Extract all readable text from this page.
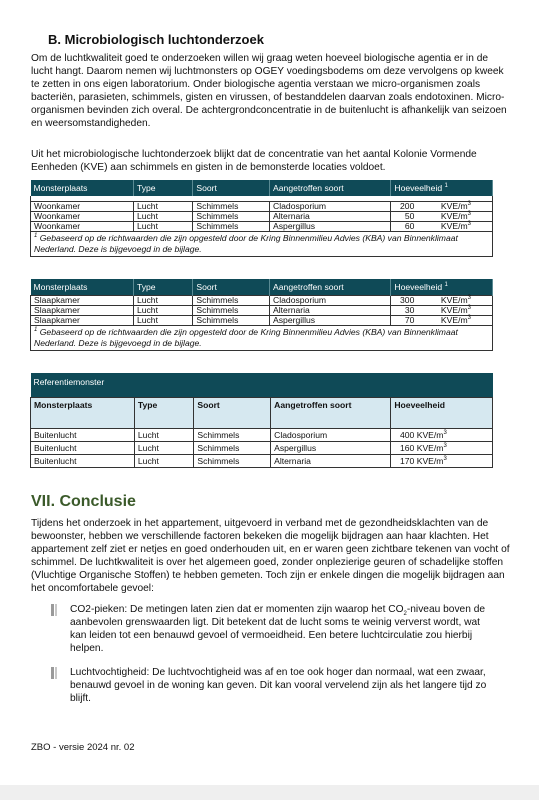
B. Microbiologisch luchtonderzoek
Om de luchtkwaliteit goed te onderzoeken willen wij graag weten hoeveel biologische agentia er in de lucht hangt. Daarom nemen wij luchtmonsters op OGEY voedingsbodems om deze vervolgens op kweek te zetten in ons eigen laboratorium. Onder biologische agentia verstaan we micro-organismen zoals bacteriën, parasieten, schimmels, gisten en virussen, of bestanddelen daarvan zoals endotoxinen. Micro-organismen bevinden zich overal. De achtergrondconcentratie in de buitenlucht is afhankelijk van seizoen en weersomstandigheden.
Uit het microbiologische luchtonderzoek blijkt dat de concentratie van het aantal Kolonie Vormende Eenheden (KVE) aan schimmels en gisten in de bemonsterde locaties voldoet.
Monsterplaats	Type	Soort	Aangetroffen soort	Hoeveelheid $^1$

Woonkamer	Lucht	Schimmels	Cladosporium	200 KVE/$m^3$

Woonkamer	Lucht	Schimmels	Alternaria	50 KVE/$m^3$

Woonkamer	Lucht	Schimmels	Aspergillus	60 KVE/$m^3$

$^1$ Gebaseerd op de richtwaarden die zijn opgesteld door de Kring Binnenmilieu Advies (KBA) van Binnenklimaat Nederland. Deze is bijgevoegd in de bijlage.				
Monsterplaats	Type	Soort	Aangetroffen soort	Hoeveelheid $^1$
Slaapkamer	Lucht	Schimmels	Cladosporium	300 KVE/$m^3$

Slaapkamer	Lucht	Schimmels	Alternaria	30 KVE/$m^3$

Slaapkamer	Lucht	Schimmels	Aspergillus	70 KVE/$m^3$

$^1$ Gebaseerd op de richtwaarden die zijn opgesteld door de Kring Binnenmilieu Advies (KBA) van Binnenklimaat Nederland. Deze is bijgevoegd in de bijlage.				
Referentiemonster				
Monsterplaats	Type	Soort	Aangetroffen soort	Hoeveelheid
Buitenlucht	Lucht	Schimmels	Cladosporium	400 KVE/$m^3$
Buitenlucht	Lucht	Schimmels	Aspergillus	160 KVE/$m^3$
Buitenlucht	Lucht	Schimmels	Alternaria	170 KVE/$m^3$
VII. Conclusie
Tijdens het onderzoek in het appartement, uitgevoerd in verband met de gezondheidsklachten van de bewoonster, hebben we verschillende factoren bekeken die mogelijk bijdragen aan haar klachten. Het appartement zelf ziet er netjes en goed onderhouden uit, en er waren geen zichtbare tekenen van vocht of schimmel. De luchtkwaliteit is over het algemeen goed, zonder onplezierige geuren of schadelijke stoffen (Vluchtige Organische Stoffen) te hebben gemeten. Toch zijn er enkele dingen die mogelijk bijdragen aan het oncomfortabele gevoel:
CO2-pieken: De metingen laten zien dat er momenten zijn waarop het $CO_2$-niveau boven de aanbevolen grenswaarden ligt. Dit betekent dat de lucht soms te weinig ververst wordt, wat kan leiden tot een benauwd gevoel of vermoeidheid. Een betere luchtcirculatie zou hierbij helpen.
Luchtvochtigheid: De luchtvochtigheid was af en toe ook hoger dan normaal, wat een zwaar, benauwd gevoel in de woning kan geven. Dit kan vooral vervelend zijn als het langere tijd zo blijft.
ZBO - versie 2024 nr. 02
